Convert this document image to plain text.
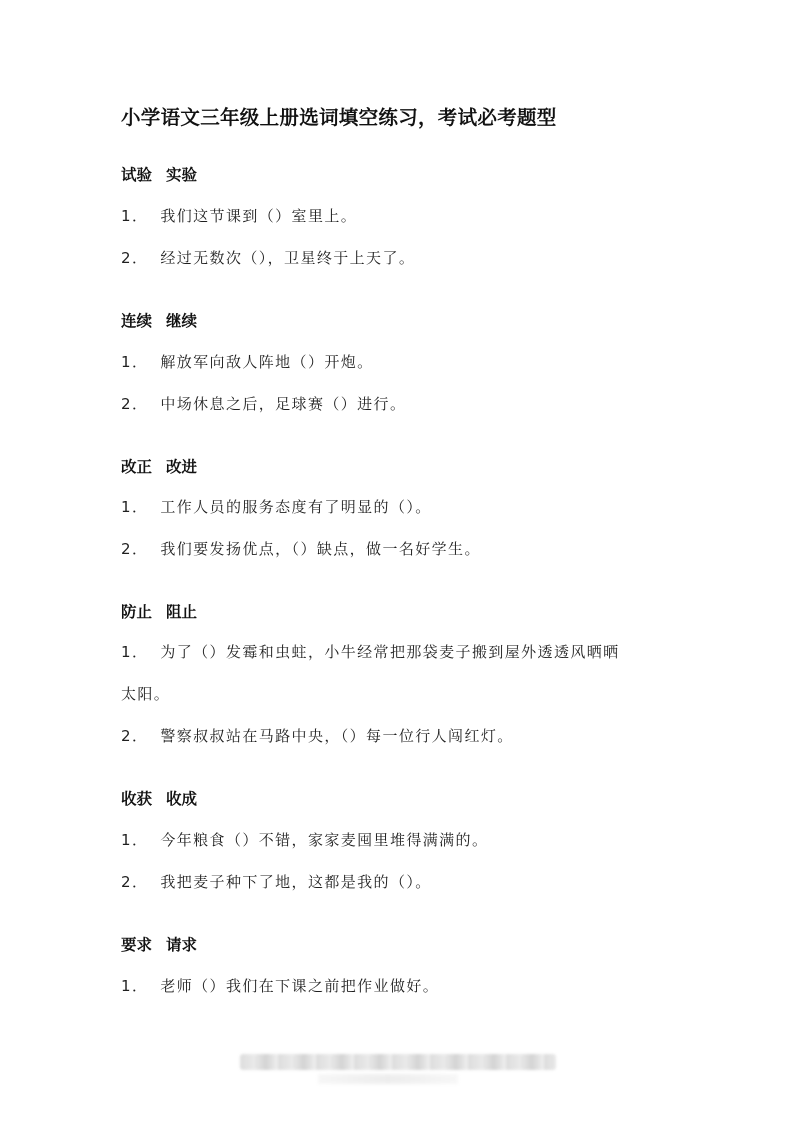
小学语文三年级上册选词填空练习，考试必考题型
试验 实验
1． 我们这节课到（）室里上。
2． 经过无数次（），卫星终于上天了。
连续 继续
1． 解放军向敌人阵地（）开炮。
2． 中场休息之后，足球赛（）进行。
改正 改进
1． 工作人员的服务态度有了明显的（）。
2． 我们要发扬优点，（）缺点，做一名好学生。
防止 阻止
1． 为了（）发霉和虫蛀，小牛经常把那袋麦子搬到屋外透透风晒晒
太阳。
2． 警察叔叔站在马路中央，（）每一位行人闯红灯。
收获 收成
1． 今年粮食（）不错，家家麦囤里堆得满满的。
2． 我把麦子种下了地，这都是我的（）。
要求 请求
1． 老师（）我们在下课之前把作业做好。
